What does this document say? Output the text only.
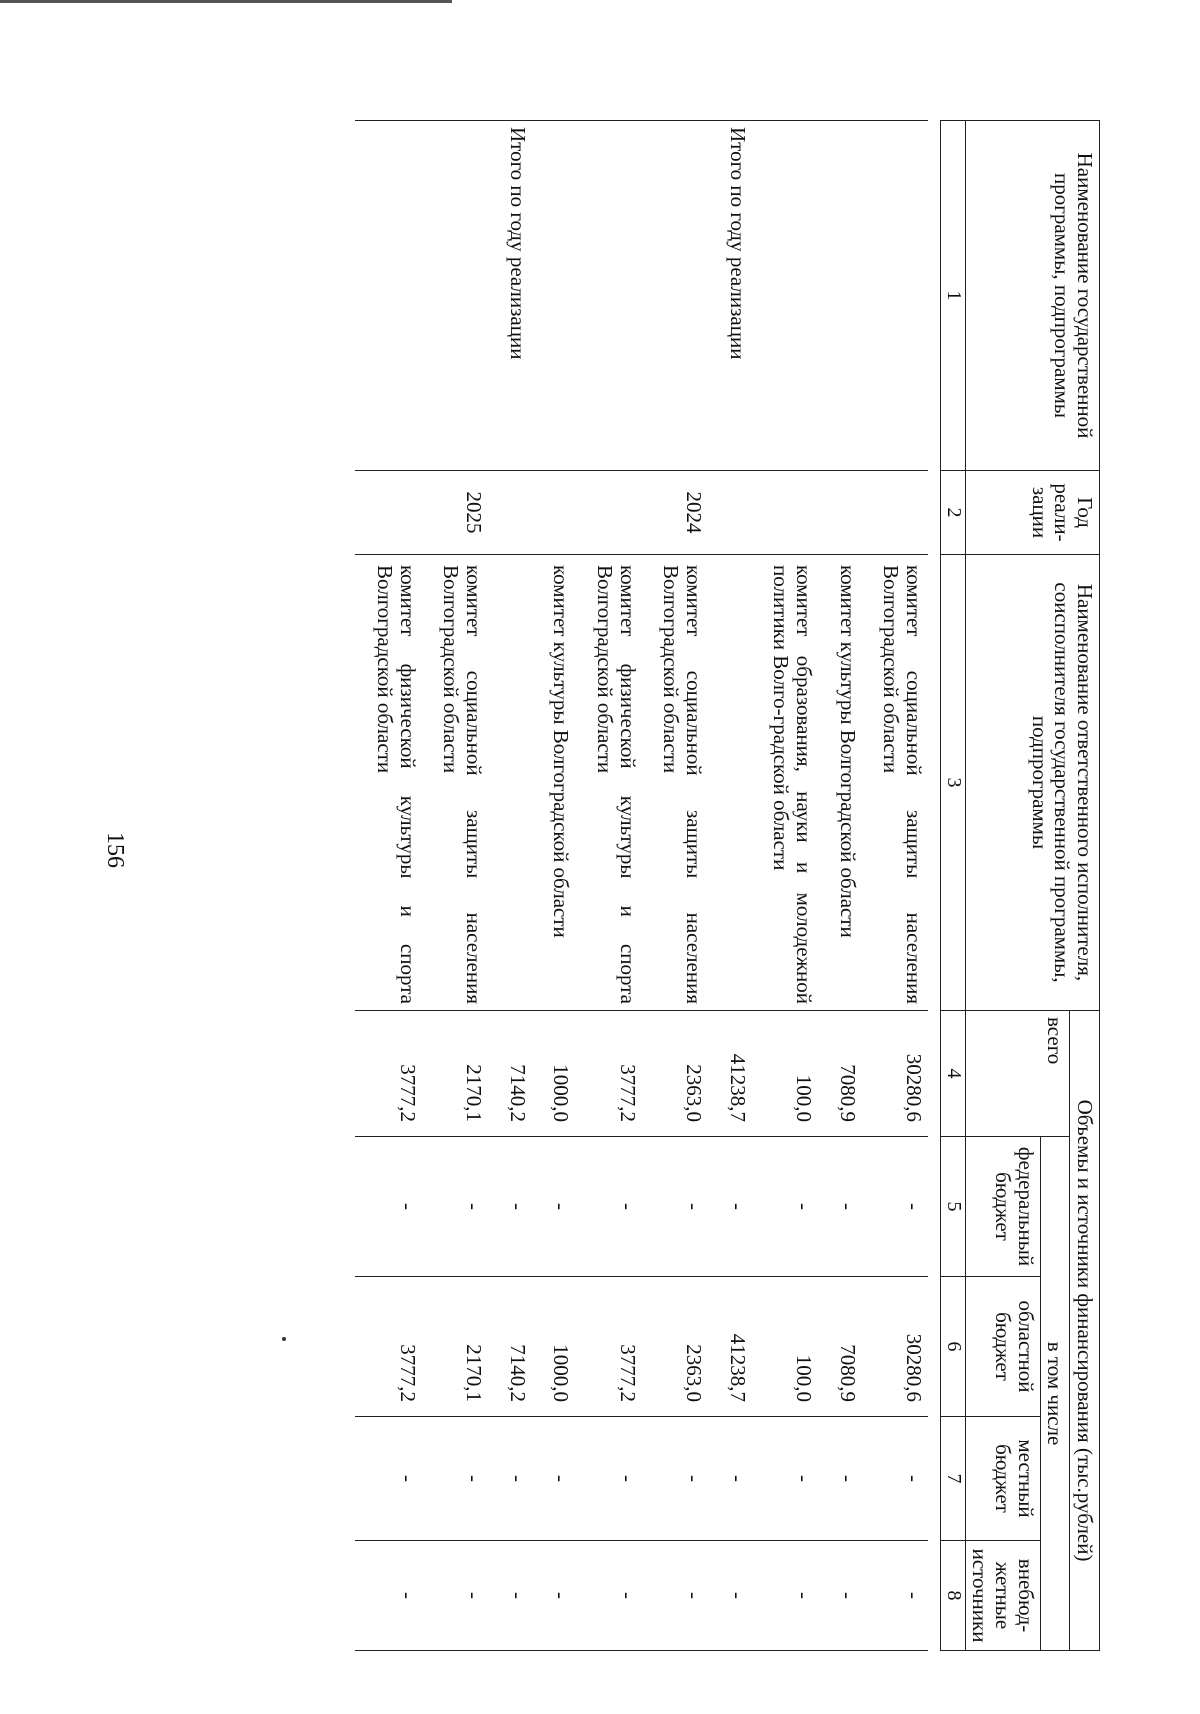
156
Наименование государственной программы, подпрограммы	Год реали-зации	Наименование ответственного исполнителя, соисполнителя государственной программы, подпрограммы	Объемы и источники финансирования (тыс.рублей)				
			всего	в том числе			
				федеральный бюджет	областной бюджет	местный бюджет	внебюд-жетные источники
1	2	3	4	5	6	7	8

		комитет социальной защиты населения Волгоградской области	30280,6	-	30280,6	-	-
		комитет культуры Волгоградской области	7080,9	-	7080,9	-	-
		комитет образования, науки и молодежной политики Волго-градской области	100,0	-	100,0	-	-
Итого по году реализации			41238,7	-	41238,7	-	-
	2024	комитет социальной защиты населения Волгоградской области	2363,0	-	2363,0	-	-
		комитет физической культуры и спорта Волгоградской области	3777,2	-	3777,2	-	-
		комитет культуры Волгоградской области	1000,0	-	1000,0	-	-
Итого по году реализации			7140,2	-	7140,2	-	-
	2025	комитет социальной защиты населения Волгоградской области	2170,1	-	2170,1	-	-
		комитет физической культуры и спорта Волгоградской области	3777,2	-	3777,2	-	-
